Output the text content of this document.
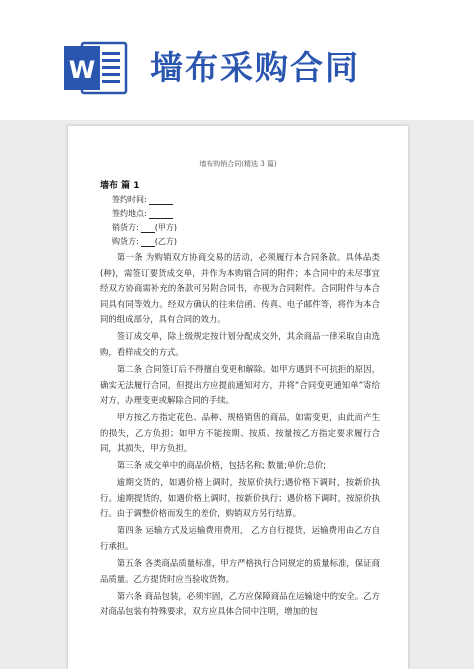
W 墙布采购合同
墙布购销合同(精选 3 篇)
墙布 篇 1
签约时间:
签约地点:
销货方: (甲方)
购货方: (乙方)

第一条 为购销双方协商交易的活动，必须履行本合同条款。具体品类(种)，需签订要货成交单，并作为本购销合同的附件；本合同中的未尽事宜经双方协商需补充的条款可另附合同书，亦视为合同附件。合同附件与本合同具有同等效力。经双方确认的往来信函、传真、电子邮件等，将作为本合同的组成部分，具有合同的效力。

签订成交单，除上级规定按计划分配成交外，其余商品一律采取自由选购，看样成交的方式。

第二条 合同签订后不得擅自变更和解除。如甲方遇到不可抗拒的原因，确实无法履行合同，但提出方应提前通知对方，并将“合同变更通知单”寄给对方，办理变更或解除合同的手续。

甲方按乙方指定花色、品种、规格销售的商品，如需变更，由此而产生的损失，乙方负担；如甲方不能按期、按质、按量按乙方指定要求履行合同，其损失，甲方负担。

第三条 成交单中的商品价格，包括名称; 数量;单价;总价;

逾期交货的，如遇价格上调时，按原价执行;遇价格下调时，按新价执行。逾期提货的，如遇价格上调时，按新价执行；遇价格下调时，按原价执行。由于调整价格而发生的差价，购销双方另行结算。

第四条 运输方式及运输费用费用， 乙方自行提货，运输费用由乙方自行承担。

第五条 各类商品质量标准，甲方严格执行合同规定的质量标准，保证商品质量。乙方提货时应当验收货物。

第六条 商品包装，必须牢固，乙方应保障商品在运输途中的安全。乙方对商品包装有特殊要求，双方应具体合同中注明，增加的包
